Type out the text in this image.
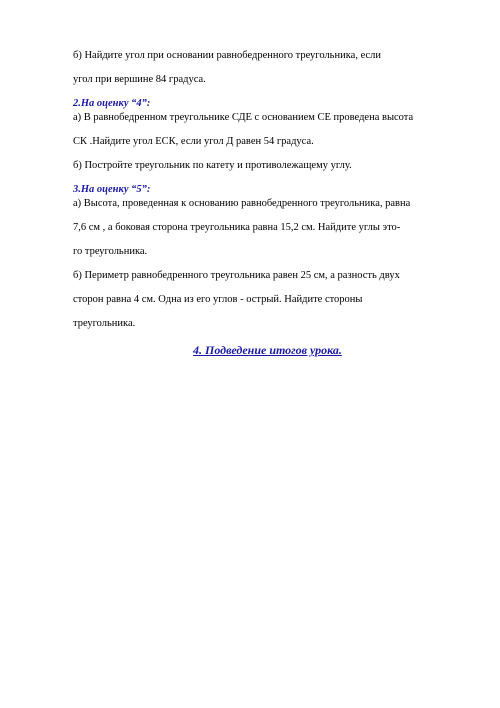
б) Найдите угол при основании равнобедренного треугольника, если
угол при вершине 84 градуса.
2.На оценку “4”:
а) В равнобедренном треугольнике СДЕ с основанием СЕ проведена высота
СК .Найдите угол ЕСК, если угол Д равен 54 градуса.
б) Постройте треугольник по катету и противолежащему углу.
3.На оценку “5”:
а) Высота, проведенная к основанию равнобедренного треугольника, равна
7,6 см , а боковая сторона треугольника равна 15,2 см. Найдите углы это-
го треугольника.
б) Периметр равнобедренного треугольника равен 25 см, а разность двух
сторон равна 4 см. Одна из его углов - острый. Найдите стороны
треугольника.
4. Подведение итогов урока.
